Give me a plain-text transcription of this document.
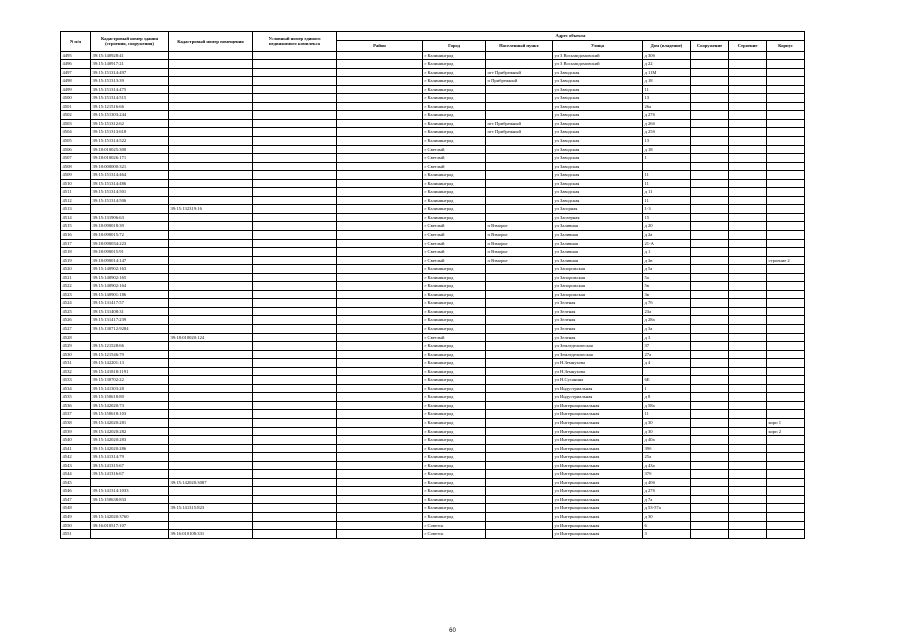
N п/п	Кадастровый номер здания (строения, сооружения)	Кадастровый номер помещения	Условный номер единого недвижимого комплекса	Адрес объекта							
				Район	Город	Населенный пункт	Улица	Дом (владение)	Сооружение	Строение	Корпус
4495	39:15:140928:41				г Калининград		ул 3 Восьмидомовский	д 30б			
4496	39:15:140917:21				г Калининград		ул 3 Восьмидомовский	д 22			
4497	39:15:151314:497				г Калининград	пгт Прибрежный	ул Заводская	д 11М			
4498	39:15:151313:39				г Калининград	п Прибрежный	ул Заводская	д 18			
4499	39:15:151314:475				г Калининград		ул Заводская	11			
4500	39:15:151314:515				г Калининград		ул Заводская	13			
4501	39:15:121516:66				г Калининград		ул Заводская	26а			
4502	39:15:151303:244				г Калининград		ул Заводская	д 27б			
4503	39:15:151312:62				г Калининград	пгт Прибрежный	ул Заводская	д 26б			
4504	39:15:151313:618				г Калининград	пгт Прибрежный	ул Заводская	д 25б			
4505	39:15:151314:522				г Калининград		ул Заводская	13			
4506	39:18:010025:300				г Светлый		ул Заводская	д 18			
4507	39:18:010026:171				г Светлый		ул Заводская	1			
4508	39:18:000000:321				г Светлый		ул Заводская				
4509	39:15:151314:464				г Калининград		ул Заводская	11			
4510	39:15:151314:486				г Калининград		ул Заводская	11			
4511	39:15:151314:501				г Калининград		ул Заводская	д 11			
4512	39:15:151314:506				г Калининград		ул Заводская	11			
4513		39:15:132319:16			г Калининград		ул Загорная	1-3			
4514	39:15:131906:63				г Калининград		ул Заозерная	15			
4515	39:18:090018:39				г Светлый	п Взморье	ул Заливная	д 20			
4516	39:18:090015:72				г Светлый	п Взморье	ул Заливная	д 2а			
4517	39:18:090034:223				г Светлый	п Взморье	ул Заливная	21-А			
4518	39:18:090015:91				г Светлый	п Взморье	ул Заливная	д 1			
4519	39:18:090014:147				г Светлый	п Взморье	ул Заливная	д 3в			строение 2
4520	39:15:140902:163				г Калининград		ул Запорожская	д 5а			
4521	39:15:140902:165				г Калининград		ул Запорожская	5а			
4522	39:15:140902:164				г Калининград		ул Запорожская	5в			
4523	39:15:140901:186				г Калининград		ул Запорожская	3в			
4524	39:15:131417:57				г Калининград		ул Зеленая	д 7б			
4525	39:15:131408:31				г Калининград		ул Зеленая	23а			
4526	39:15:131417:239				г Калининград		ул Зеленая	д 28а			
4527	39:15:130712:9284				г Калининград		ул Зеленая	д 3а			
4528		39:18:010020:124			г Светлый		ул Зеленая	д 3			
4529	39:15:121528:66				г Калининград		ул Земледельческая	37			
4530	39:15:121546:79				г Калининград		ул Земледельческая	27а			
4531	39:15:142201:13				г Калининград		ул Н.Земнухова	д 4			
4532	39:15:141818:1191				г Калининград		ул Н.Земнухова				
4533	39:15:130702:22				г Калининград		ул Н.Сусанина	6Е			
4534	39:15:141303:28				г Калининград		ул Индустриальная	1			
4535	39:15:150618:80				г Калининград		ул Индустриальная	д 8			
4536	39:15:142020:73				г Калининград		ул Интернациональная	д 58а			
4537	39:15:150618:103				г Калининград		ул Интернациональная	11			
4538	39:15:142020:281				г Калининград		ул Интернациональная	д 30			корп 1
4539	39:15:142020:282				г Калининград		ул Интернациональная	д 30			корп 2
4540	39:15:142020:283				г Калининград		ул Интернациональная	д 40а			
4541	39:15:142020:286				г Калининград		ул Интернациональная	39б			
4542	39:15:141314:79				г Калининград		ул Интернациональная	25а			
4543	39:15:141315:67				г Калининград		ул Интернациональная	д 43а			
4544	39:15:141316:67				г Калининград		ул Интернациональная	37б			
4545		39:15:142020:3087			г Калининград		ул Интернациональная	д 40б			
4546	39:15:141314:1033				г Калининград		ул Интернациональная	д 27б			
4547	39:15:150638:833				г Калининград		ул Интернациональная	д 7а			
4548		39:15:141315:823			г Калининград		ул Интернациональная	д 53-57а			
4549	39:15:142020:3760				г Калининград		ул Интернациональная	д 30			
4550	39:16:010517:107				г Советск		ул Интернациональная	6			
4551		39:16:010108:331			г Советск		ул Интернациональная	3			
60
